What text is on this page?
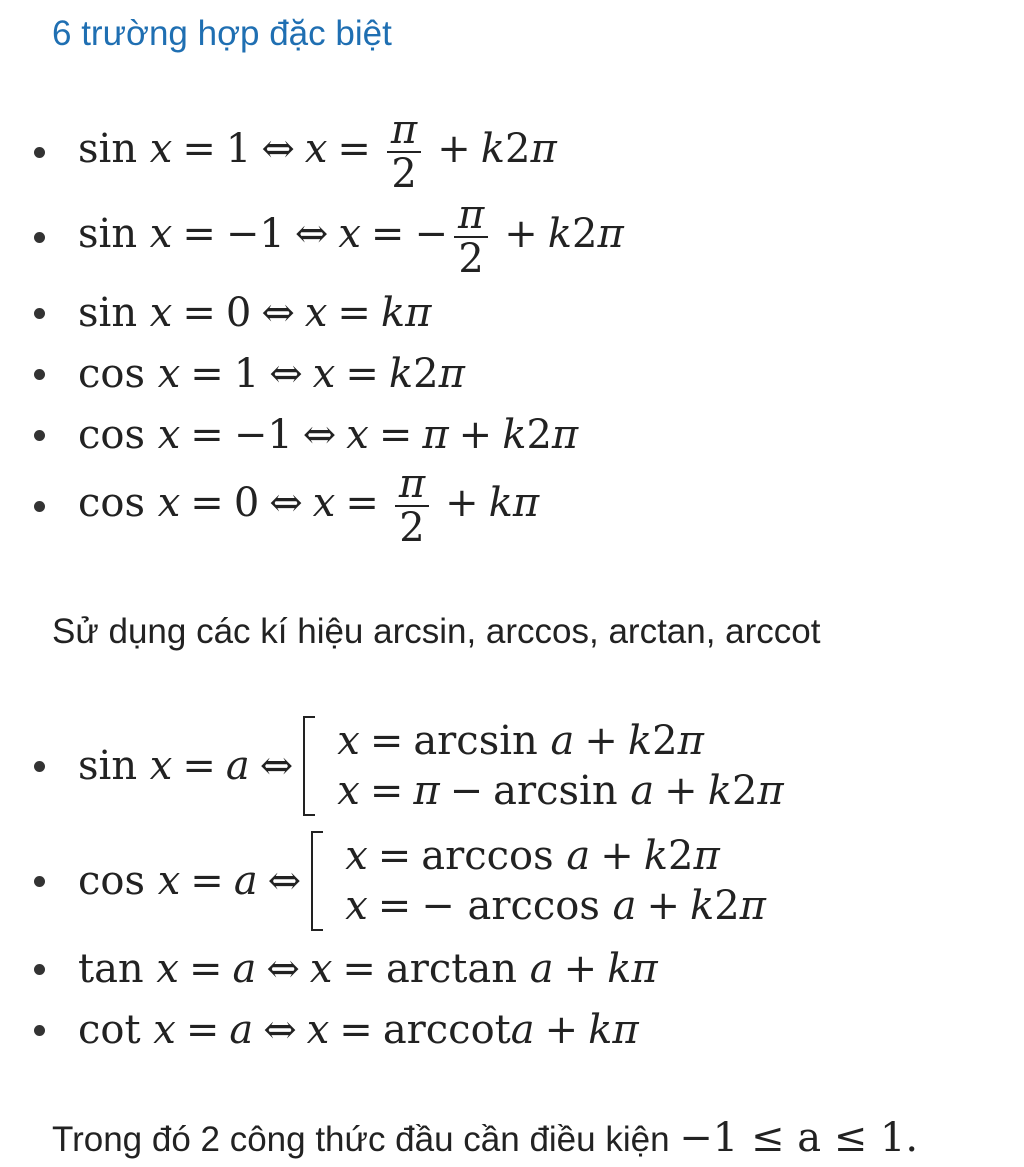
6 trường hợp đặc biệt
sin x = 1 ⇔ $x = \frac{\pi}{2} + k2\pi$
sin x = −1 ⇔ x = − $\frac{\pi}{2} + k2\pi$
sin x = 0 ⇔ x = kπ
cos x = 1 ⇔ x = k2π
cos x = −1 ⇔ x = π + k2π
cos x = 0 ⇔ $x = \frac{\pi}{2} + k\pi$
Sử dụng các kí hiệu arcsin, arccos, arctan, arccot
sin x = a ⇔
x = arcsin a + k2π
x = π − arcsin a + k2π
cos x = a ⇔
x = arccos a + k2π
x = − arccos a + k2π
tan x = a ⇔ x = arctan a + kπ
cot x = a ⇔ x = arccota + kπ
Trong đó 2 công thức đầu cần điều kiện −1 ≤ a ≤ 1.
